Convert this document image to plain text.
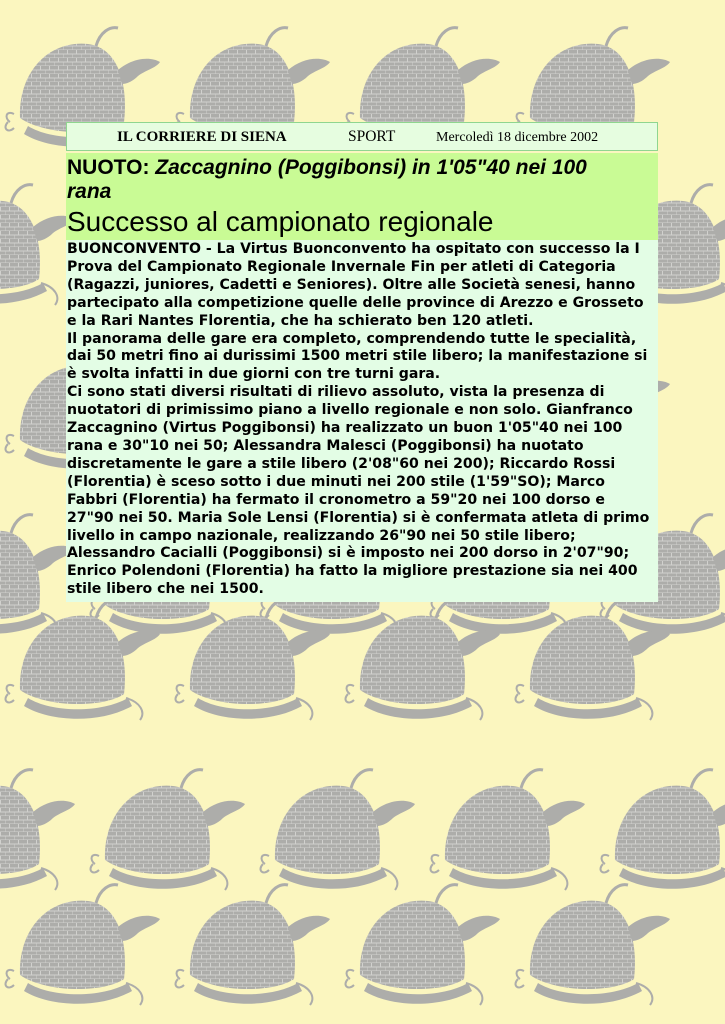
IL CORRIERE DI SIENA	SPORT	Mercoledì 18 dicembre 2002
NUOTO: Zaccagnino (Poggibonsi) in 1'05"40 nei 100 rana
Successo al campionato regionale

BUONCONVENTO - La Virtus Buonconvento ha ospitato con successo la I Prova del Campionato Regionale Invernale Fin per atleti di Categoria (Ragazzi, juniores, Cadetti e Seniores). Oltre alle Società senesi, hanno partecipato alla competizione quelle delle province di Arezzo e Grosseto e la Rari Nantes Florentia, che ha schierato ben 120 atleti.

Il panorama delle gare era completo, comprendendo tutte le specialità, dai 50 metri fino ai durissimi 1500 metri stile libero; la manifestazione si è svolta infatti in due giorni con tre turni gara.

Ci sono stati diversi risultati di rilievo assoluto, vista la presenza di nuotatori di primissimo piano a livello regionale e non solo. Gianfranco Zaccagnino (Virtus Poggibonsi) ha realizzato un buon 1'05"40 nei 100 rana e 30"10 nei 50; Alessandra Malesci (Poggibonsi) ha nuotato discretamente le gare a stile libero (2'08"60 nei 200); Riccardo Rossi (Florentia) è sceso sotto i due minuti nei 200 stile (1'59"SO); Marco Fabbri (Florentia) ha fermato il cronometro a 59"20 nei 100 dorso e 27"90 nei 50. Maria Sole Lensi (Florentia) si è confermata atleta di primo livello in campo nazionale, realizzando 26"90 nei 50 stile libero; Alessandro Cacialli (Poggibonsi) si è imposto nei 200 dorso in 2'07"90; Enrico Polendoni (Florentia) ha fatto la migliore prestazione sia nei 400 stile libero che nei 1500.
